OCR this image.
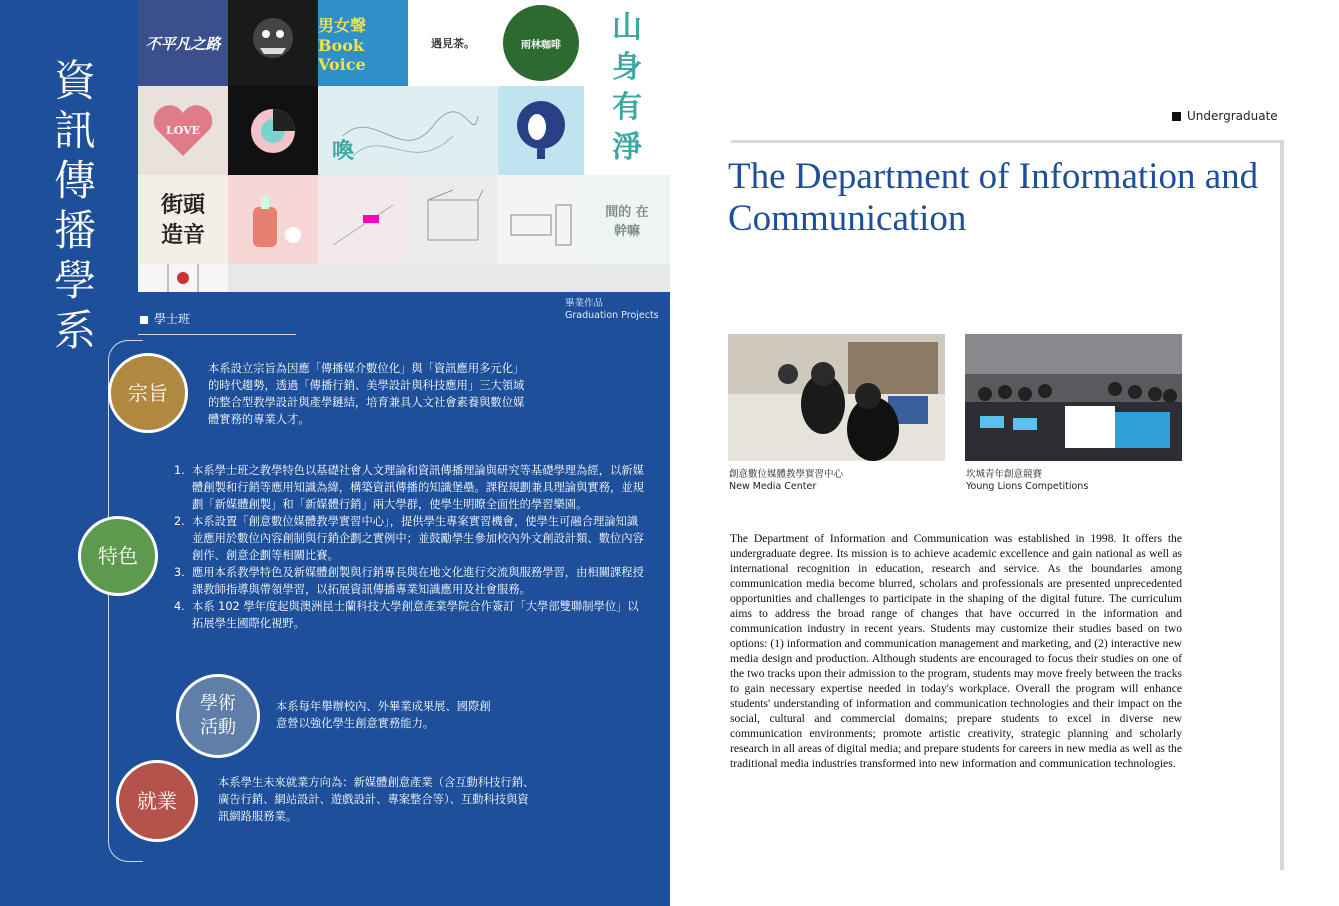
資訊傳播學系
不平凡之路
男女聲 Book Voice
遇見茶。	雨林咖啡
山身有淨
LOVE
喚
街頭造音
間的 在幹嘛
畢業作品
Graduation Projects
學士班
宗旨
本系設立宗旨為因應「傳播媒介數位化」與「資訊應用多元化」的時代趨勢，透過「傳播行銷、美學設計與科技應用」三大領域的整合型教學設計與產學鏈結，培育兼具人文社會素養與數位媒體實務的專業人才。
特色
1. 本系學士班之教學特色以基礎社會人文理論和資訊傳播理論與研究等基礎學理為經，以新媒體創製和行銷等應用知識為緯，構築資訊傳播的知識堡壘。課程規劃兼具理論與實務，並規劃「新媒體創製」和「新媒體行銷」兩大學群，使學生明瞭全面性的學習樂園。
2. 本系設置「創意數位媒體教學實習中心」，提供學生專案實習機會，使學生可融合理論知識並應用於數位內容創制與行銷企劃之實例中；並鼓勵學生參加校內外文創設計類、數位內容創作、創意企劃等相關比賽。
3. 應用本系教學特色及新媒體創製與行銷專長與在地文化進行交流與服務學習，由相關課程授課教師指導與帶領學習，以拓展資訊傳播專業知識應用及社會服務。
4. 本系 102 學年度起與澳洲昆士蘭科技大學創意產業學院合作簽訂「大學部雙聯制學位」以拓展學生國際化視野。
學術
活動
本系每年舉辦校內、外畢業成果展、國際創意營以強化學生創意實務能力。
就業
本系學生未來就業方向為：新媒體創意產業（含互動科技行銷、廣告行銷、網站設計、遊戲設計、專案整合等）、互動科技與資訊網路服務業。
Undergraduate
The Department of Information and Communication
創意數位媒體教學實習中心
New Media Center
坎城青年創意競賽
Young Lions Competitions
The Department of Information and Communication was established in 1998. It offers the undergraduate degree. Its mission is to achieve academic excellence and gain national as well as international recognition in education, research and service. As the boundaries among communication media become blurred, scholars and professionals are presented unprecedented opportunities and challenges to participate in the shaping of the digital future. The curriculum aims to address the broad range of changes that have occurred in the information and communication industry in recent years. Students may customize their studies based on two options: (1) information and communication management and marketing, and (2) interactive new media design and production. Although students are encouraged to focus their studies on one of the two tracks upon their admission to the program, students may move freely between the tracks to gain necessary expertise needed in today's workplace. Overall the program will enhance students' understanding of information and communication technologies and their impact on the social, cultural and commercial domains; prepare students to excel in diverse new communication environments; promote artistic creativity, strategic planning and scholarly research in all areas of digital media; and prepare students for careers in new media as well as the traditional media industries transformed into new information and communication technologies.
